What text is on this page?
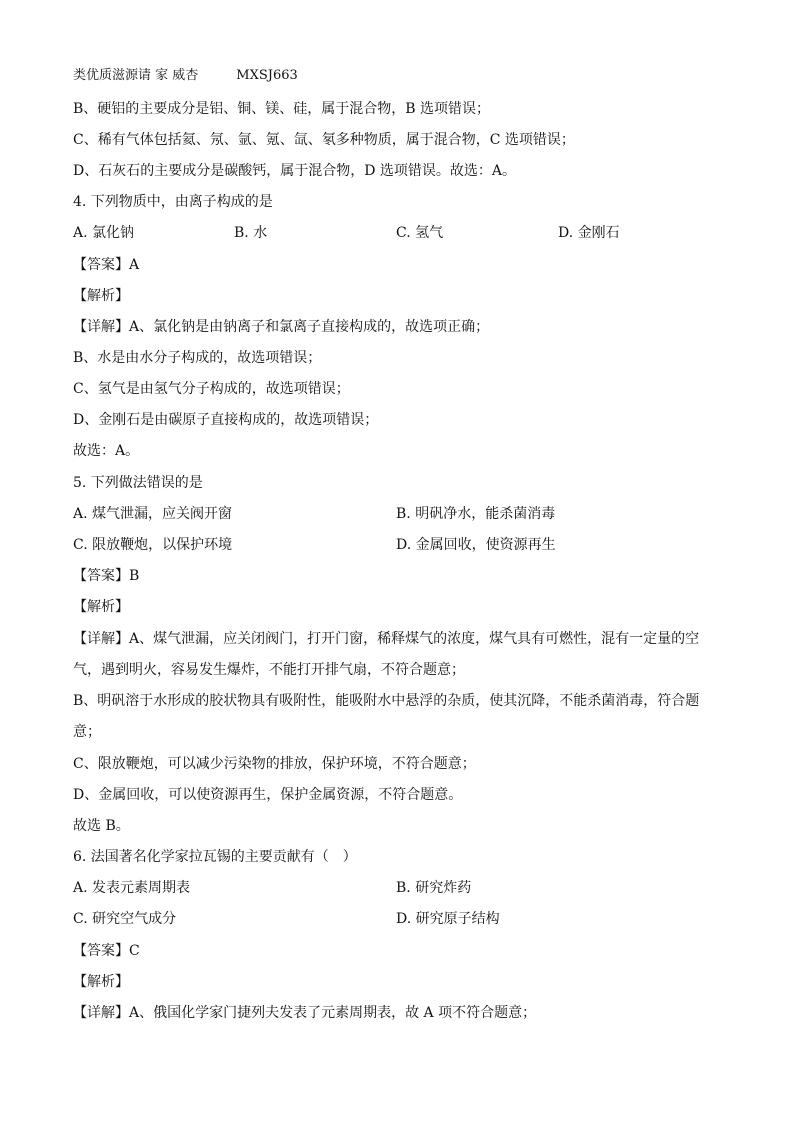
类优质滋源请 家 威杏	MXSJ663
B、硬铝的主要成分是铝、铜、镁、硅，属于混合物，B 选项错误；
C、稀有气体包括氦、氖、氩、氪、氙、氡多种物质，属于混合物，C 选项错误；
D、石灰石的主要成分是碳酸钙，属于混合物，D 选项错误。故选：A。
4. 下列物质中，由离子构成的是
A. 氯化钠	B. 水	C. 氢气	D. 金刚石
【答案】A
【解析】
【详解】A、氯化钠是由钠离子和氯离子直接构成的，故选项正确；
B、水是由水分子构成的，故选项错误；
C、氢气是由氢气分子构成的，故选项错误；
D、金刚石是由碳原子直接构成的，故选项错误；
故选：A。
5. 下列做法错误的是
A. 煤气泄漏，应关阀开窗	B. 明矾净水，能杀菌消毒
C. 限放鞭炮，以保护环境	D. 金属回收，使资源再生
【答案】B
【解析】
【详解】A、煤气泄漏，应关闭阀门，打开门窗，稀释煤气的浓度，煤气具有可燃性，混有一定量的空
气，遇到明火，容易发生爆炸，不能打开排气扇，不符合题意；
B、明矾溶于水形成的胶状物具有吸附性，能吸附水中悬浮的杂质，使其沉降，不能杀菌消毒，符合题
意；
C、限放鞭炮，可以减少污染物的排放，保护环境，不符合题意；
D、金属回收，可以使资源再生，保护金属资源，不符合题意。
故选 B。
6. 法国著名化学家拉瓦锡的主要贡献有（　）
A. 发表元素周期表	B. 研究炸药
C. 研究空气成分	D. 研究原子结构
【答案】C
【解析】
【详解】A、俄国化学家门捷列夫发表了元素周期表，故 A 项不符合题意；
